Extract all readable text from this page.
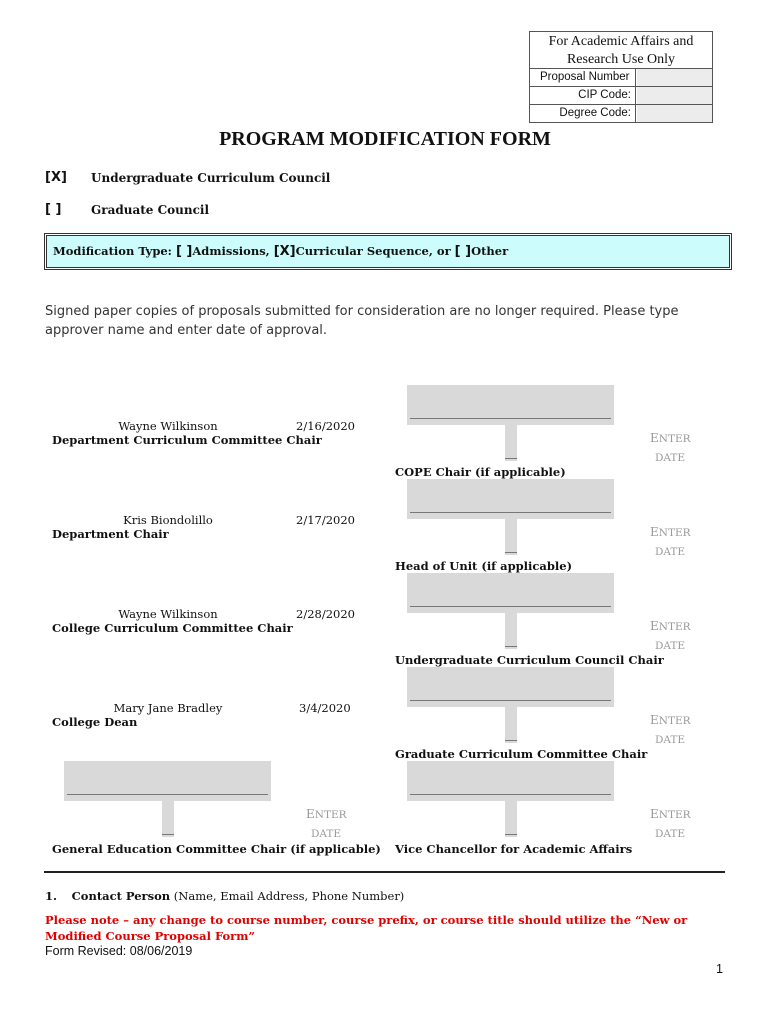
For Academic Affairs and Research Use Only
Proposal Number
CIP Code:
Degree Code:
PROGRAM MODIFICATION FORM
[X] Undergraduate Curriculum Council
[ ] Graduate Council
Modification Type: [ ]Admissions, [X]Curricular Sequence, or [ ]Other
Signed paper copies of proposals submitted for consideration are no longer required. Please type approver name and enter date of approval.
Wayne Wilkinson	2/16/2020
Department Curriculum Committee Chair
Kris Biondolillo	2/17/2020
Department Chair
Wayne Wilkinson	2/28/2020
College Curriculum Committee Chair
Mary Jane Bradley	3/4/2020
College Dean
ENTER
DATE
General Education Committee Chair (if applicable)
ENTER
DATE
COPE Chair (if applicable)
ENTER
DATE
Head of Unit (if applicable)
ENTER
DATE
Undergraduate Curriculum Council Chair
ENTER
DATE
Graduate Curriculum Committee Chair
ENTER
DATE
Vice Chancellor for Academic Affairs
1. Contact Person (Name, Email Address, Phone Number)
Please note – any change to course number, course prefix, or course title should utilize the “New or Modified Course Proposal Form”
Form Revised: 08/06/2019
1
